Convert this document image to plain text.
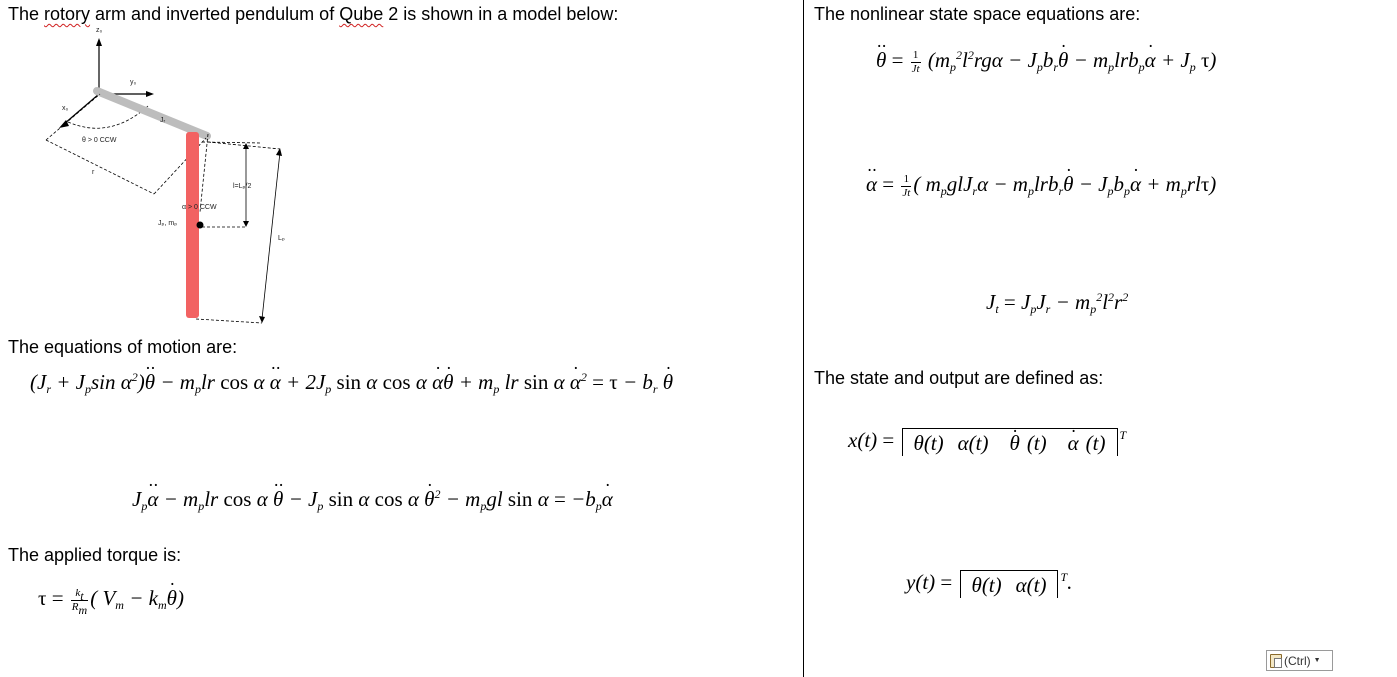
The rotory arm and inverted pendulum of Qube 2 is shown in a model below:
z₀
y₀
x₀
θ > 0 CCW
Jᵣ
r
Jₚ, mₚ
α > 0 CCW
l=Lₚ/2
Lₚ
The equations of motion are:
($J_r + J_p\sin$ $\alpha^2)\cdot\cdot \theta - m_plr$ $\cos \alpha \cdot\cdot \alpha + 2J_p$ sin α $\cos \alpha \cdot \alpha\cdot \theta + m_p$ lr $\sin \alpha \cdot \alpha^2 = \tau - b_r \cdot \theta$
$J_p\cdot\cdot \alpha - m_plr$ $\cos \alpha \cdot\cdot \theta - J_p$ sin α $\cos \alpha \cdot \theta^2 - m_pgl$ $\sin \alpha = -b_p\cdot \alpha$
The applied torque is:
$\tau = \frac{k_t}{R_m}$ ( $V_m - k_m\cdot \theta$)
The nonlinear state space equations are:
·· $\theta = \frac{1}{Jt} (m_p^2l^2rg\alpha - J_pb_r\cdot \theta - m_plrb_p\cdot \alpha + J_p$ τ)
·· $\alpha = \frac{1}{Jt}$ ( $m_pglJ_r\alpha - m_plrb_r\cdot \theta - J_pb_p\cdot \alpha + m_prl\tau$)
$J_t = J_pJ_r - m_p^2l^2r^2$
The state and output are defined as:
x(t) = θ(t) α(t) · θ (t) · α (t) $^T$
y(t) = θ(t) α(t) $^T$.
(Ctrl) ▼
